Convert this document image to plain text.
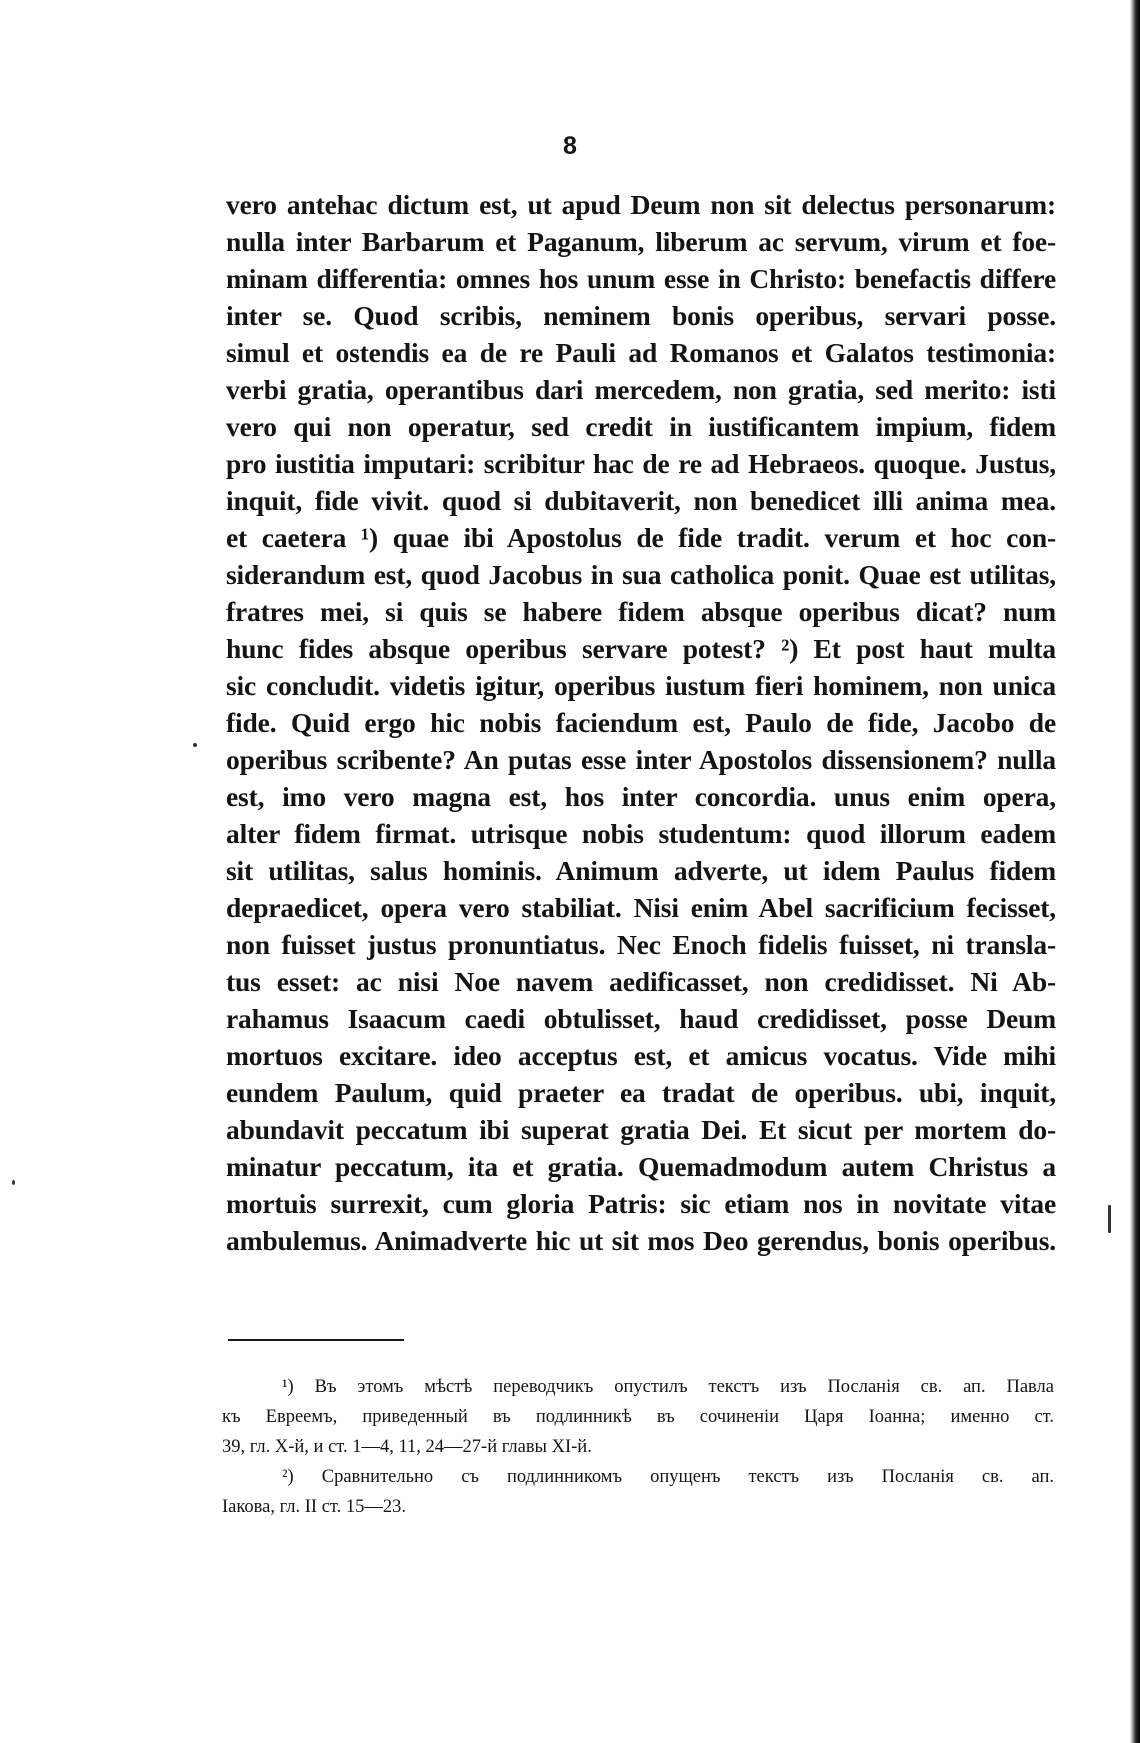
8
vero antehac dictum est, ut apud Deum non sit delectus personarum:
nulla inter Barbarum et Paganum, liberum ac servum, virum et foe-
minam differentia: omnes hos unum esse in Christo: benefactis differe
inter se. Quod scribis, neminem bonis operibus, servari posse.
simul et ostendis ea de re Pauli ad Romanos et Galatos testimonia:
verbi gratia, operantibus dari mercedem, non gratia, sed merito: isti
vero qui non operatur, sed credit in iustificantem impium, fidem
pro iustitia imputari: scribitur hac de re ad Hebraeos. quoque. Justus,
inquit, fide vivit. quod si dubitaverit, non benedicet illi anima mea.
et caetera ¹) quae ibi Apostolus de fide tradit. verum et hoc con-
siderandum est, quod Jacobus in sua catholica ponit. Quae est utilitas,
fratres mei, si quis se habere fidem absque operibus dicat? num
hunc fides absque operibus servare potest? ²) Et post haut multa
sic concludit. videtis igitur, operibus iustum fieri hominem, non unica
fide. Quid ergo hic nobis faciendum est, Paulo de fide, Jacobo de
operibus scribente? An putas esse inter Apostolos dissensionem? nulla
est, imo vero magna est, hos inter concordia. unus enim opera,
alter fidem firmat. utrisque nobis studentum: quod illorum eadem
sit utilitas, salus hominis. Animum adverte, ut idem Paulus fidem
depraedicet, opera vero stabiliat. Nisi enim Abel sacrificium fecisset,
non fuisset justus pronuntiatus. Nec Enoch fidelis fuisset, ni transla-
tus esset: ac nisi Noe navem aedificasset, non credidisset. Ni Ab-
rahamus Isaacum caedi obtulisset, haud credidisset, posse Deum
mortuos excitare. ideo acceptus est, et amicus vocatus. Vide mihi
eundem Paulum, quid praeter ea tradat de operibus. ubi, inquit,
abundavit peccatum ibi superat gratia Dei. Et sicut per mortem do-
minatur peccatum, ita et gratia. Quemadmodum autem Christus a
mortuis surrexit, cum gloria Patris: sic etiam nos in novitate vitae
ambulemus. Animadverte hic ut sit mos Deo gerendus, bonis operibus.
¹) Въ этомъ мѣстѣ переводчикъ опустилъ текстъ изъ Посланія св. ап. Павла
къ Евреемъ, приведенный въ подлинникѣ въ сочиненіи Царя Іоанна; именно ст.
39, гл. X-й, и ст. 1—4, 11, 24—27-й главы XI-й.
²) Сравнительно съ подлинникомъ опущенъ текстъ изъ Посланія св. ап.
Іакова, гл. II ст. 15—23.
